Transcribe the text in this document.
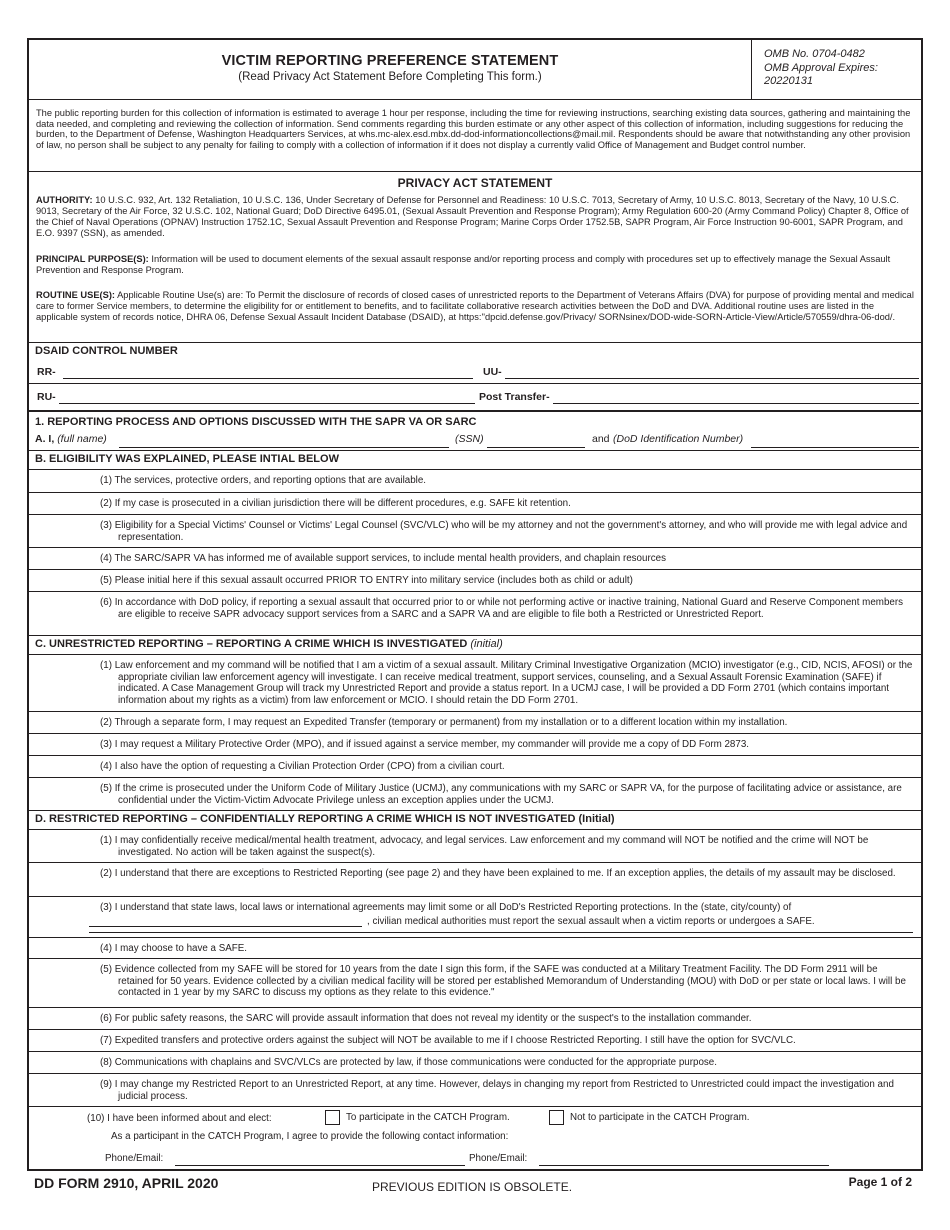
VICTIM REPORTING PREFERENCE STATEMENT
(Read Privacy Act Statement Before Completing This form.)
OMB No. 0704-0482
OMB Approval Expires:
20220131
The public reporting burden for this collection of information is estimated to average 1 hour per response, including the time for reviewing instructions, searching existing data sources, gathering and maintaining the data needed, and completing and reviewing the collection of information. Send comments regarding this burden estimate or any other aspect of this collection of information, including suggestions for reducing the burden, to the Department of Defense, Washington Headquarters Services, at whs.mc-alex.esd.mbx.dd-dod-informationcollections@mail.mil. Respondents should be aware that notwithstanding any other provision of law, no person shall be subject to any penalty for failing to comply with a collection of information if it does not display a currently valid Office of Management and Budget control number.
PRIVACY ACT STATEMENT
AUTHORITY: 10 U.S.C. 932, Art. 132 Retaliation, 10 U.S.C. 136, Under Secretary of Defense for Personnel and Readiness: 10 U.S.C. 7013, Secretary of Army, 10 U.S.C. 8013, Secretary of the Navy, 10 U.S.C. 9013, Secretary of the Air Force, 32 U.S.C. 102, National Guard; DoD Directive 6495.01, (Sexual Assault Prevention and Response Program); Army Regulation 600-20 (Army Command Policy) Chapter 8, Office of the Chief of Naval Operations (OPNAV) Instruction 1752.1C, Sexual Assault Prevention and Response Program; Marine Corps Order 1752.5B, SAPR Program, Air Force Instruction 90-6001, SAPR Program, and E.O. 9397 (SSN), as amended.
PRINCIPAL PURPOSE(S): Information will be used to document elements of the sexual assault response and/or reporting process and comply with procedures set up to effectively manage the Sexual Assault Prevention and Response Program.
ROUTINE USE(S): Applicable Routine Use(s) are: To Permit the disclosure of records of closed cases of unrestricted reports to the Department of Veterans Affairs (DVA) for purpose of providing mental and medical care to former Service members, to determine the eligibility for or entitlement to benefits, and to facilitate collaborative research activities between the DoD and DVA. Additional routine uses are listed in the applicable system of records notice, DHRA 06, Defense Sexual Assault Incident Database (DSAID), at https:''dpcid.defense.gov/Privacy/ SORNsinex/DOD-wide-SORN-Article-View/Article/570559/dhra-06-dod/.
DSAID CONTROL NUMBER
RR-	UU-
RU-	Post Transfer-
1. REPORTING PROCESS AND OPTIONS DISCUSSED WITH THE SAPR VA OR SARC
A. I, (full name)	(SSN)	and (DoD Identification Number)
B. ELIGIBILITY WAS EXPLAINED, PLEASE INTIAL BELOW
(1) The services, protective orders, and reporting options that are available.
(2) If my case is prosecuted in a civilian jurisdiction there will be different procedures, e.g. SAFE kit retention.
(3) Eligibility for a Special Victims' Counsel or Victims' Legal Counsel (SVC/VLC) who will be my attorney and not the government's attorney, and who will provide me with legal advice and representation.
(4) The SARC/SAPR VA has informed me of available support services, to include mental health providers, and chaplain resources
(5) Please initial here if this sexual assault occurred PRIOR TO ENTRY into military service (includes both as child or adult)
(6) In accordance with DoD policy, if reporting a sexual assault that occurred prior to or while not performing active or inactive training, National Guard and Reserve Component members are eligible to receive SAPR advocacy support services from a SARC and a SAPR VA and are eligible to file both a Restricted or Unrestricted Report.
C. UNRESTRICTED REPORTING – REPORTING A CRIME WHICH IS INVESTIGATED (initial)
(1) Law enforcement and my command will be notified that I am a victim of a sexual assault. Military Criminal Investigative Organization (MCIO) investigator (e.g., CID, NCIS, AFOSI) or the appropriate civilian law enforcement agency will investigate. I can receive medical treatment, support services, counseling, and a Sexual Assault Forensic Examination (SAFE) if indicated. A Case Management Group will track my Unrestricted Report and provide a status report. In a UCMJ case, I will be provided a DD Form 2701 (which contains important information about my rights as a victim) from law enforcement or MCIO. I should retain the DD Form 2701.
(2) Through a separate form, I may request an Expedited Transfer (temporary or permanent) from my installation or to a different location within my installation.
(3) I may request a Military Protective Order (MPO), and if issued against a service member, my commander will provide me a copy of DD Form 2873.
(4) I also have the option of requesting a Civilian Protection Order (CPO) from a civilian court.
(5) If the crime is prosecuted under the Uniform Code of Military Justice (UCMJ), any communications with my SARC or SAPR VA, for the purpose of facilitating advice or assistance, are confidential under the Victim-Victim Advocate Privilege unless an exception applies under the UCMJ.
D. RESTRICTED REPORTING – CONFIDENTIALLY REPORTING A CRIME WHICH IS NOT INVESTIGATED (Initial)
(1) I may confidentially receive medical/mental health treatment, advocacy, and legal services. Law enforcement and my command will NOT be notified and the crime will NOT be investigated. No action will be taken against the suspect(s).
(2) I understand that there are exceptions to Restricted Reporting (see page 2) and they have been explained to me. If an exception applies, the details of my assault may be disclosed.
(3) I understand that state laws, local laws or international agreements may limit some or all DoD's Restricted Reporting protections. In the (state, city/county) of
, civilian medical authorities must report the sexual assault when a victim reports or undergoes a SAFE.
(4) I may choose to have a SAFE.
(5) Evidence collected from my SAFE will be stored for 10 years from the date I sign this form, if the SAFE was conducted at a Military Treatment Facility. The DD Form 2911 will be retained for 50 years. Evidence collected by a civilian medical facility will be stored per established Memorandum of Understanding (MOU) with DoD or per state or local laws. I will be contacted in 1 year by my SARC to discuss my options as they relate to this evidence."
(6) For public safety reasons, the SARC will provide assault information that does not reveal my identity or the suspect's to the installation commander.
(7) Expedited transfers and protective orders against the subject will NOT be available to me if I choose Restricted Reporting. I still have the option for SVC/VLC.
(8) Communications with chaplains and SVC/VLCs are protected by law, if those communications were conducted for the appropriate purpose.
(9) I may change my Restricted Report to an Unrestricted Report, at any time. However, delays in changing my report from Restricted to Unrestricted could impact the investigation and judicial process.
(10) I have been informed about and elect:	To participate in the CATCH Program.	Not to participate in the CATCH Program.
As a participant in the CATCH Program, I agree to provide the following contact information:
Phone/Email:	Phone/Email:
DD FORM 2910, APRIL 2020	PREVIOUS EDITION IS OBSOLETE.	Page 1 of 2
